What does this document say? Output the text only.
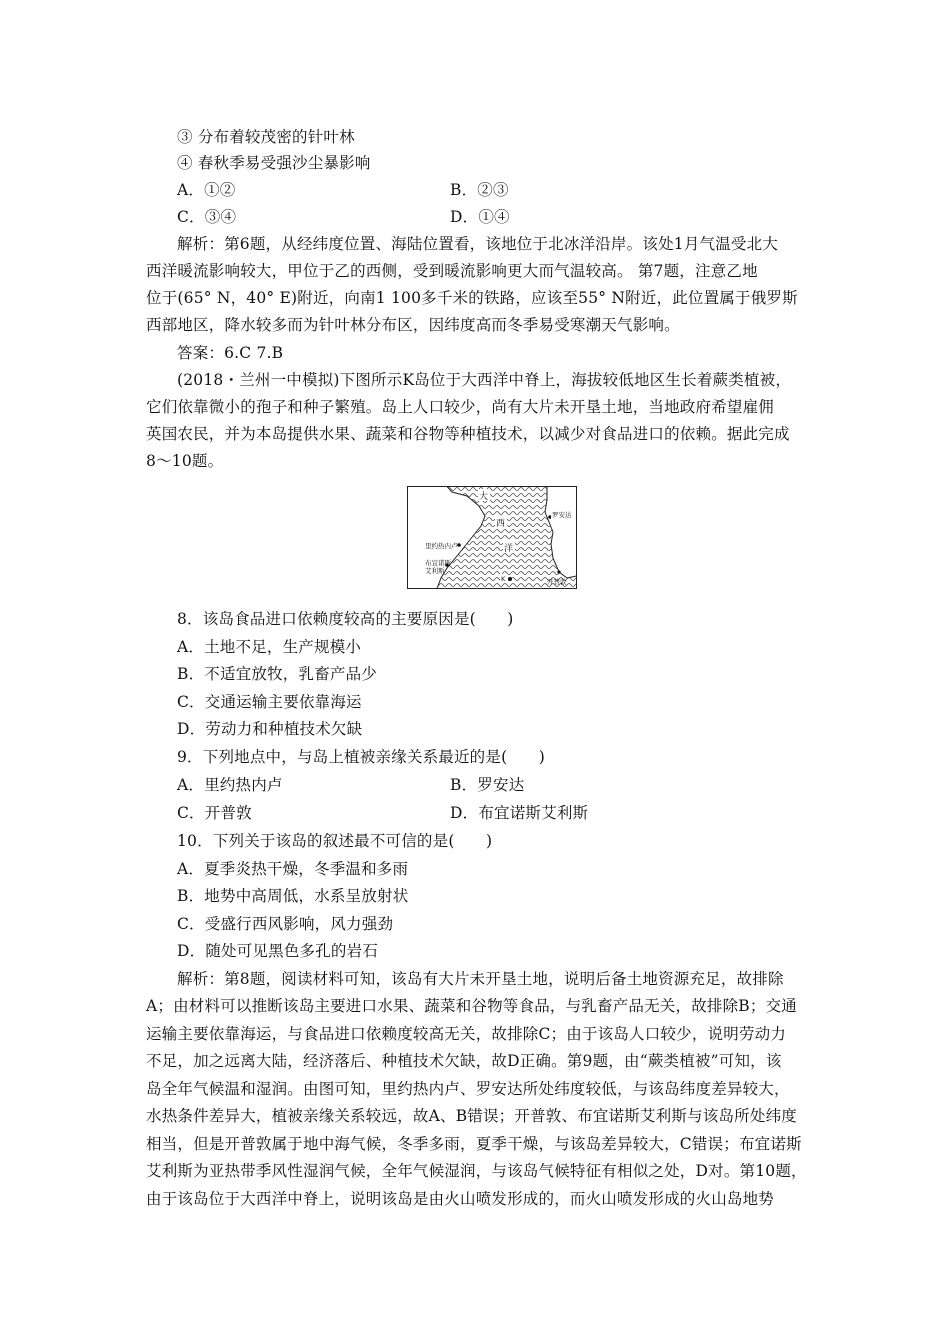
③ 分布着较茂密的针叶林
④ 春秋季易受强沙尘暴影响
A．①②	B．②③
C．③④	D．①④
解析：第6题，从经纬度位置、海陆位置看，该地位于北冰洋沿岸。该处1月气温受北大
西洋暖流影响较大，甲位于乙的西侧，受到暖流影响更大而气温较高。 第7题，注意乙地
位于(65° N，40° E)附近，向南1 100多千米的铁路，应该至55° N附近，此位置属于俄罗斯
西部地区，降水较多而为针叶林分布区，因纬度高而冬季易受寒潮天气影响。
答案：6.C 7.B
(2018・兰州一中模拟)下图所示K岛位于大西洋中脊上，海拔较低地区生长着蕨类植被，
它们依靠微小的孢子和种子繁殖。岛上人口较少，尚有大片未开垦土地，当地政府希望雇佣
英国农民，并为本岛提供水果、蔬菜和谷物等种植技术，以减少对食品进口的依赖。据此完成
8～10题。
大
西
洋
罗安达
里约热内卢
布宜诺斯
艾利斯
K	开普敦
8．该岛食品进口依赖度较高的主要原因是(　　)
A．土地不足，生产规模小
B．不适宜放牧，乳畜产品少
C．交通运输主要依靠海运
D．劳动力和种植技术欠缺
9．下列地点中，与岛上植被亲缘关系最近的是(　　)
A．里约热内卢	B．罗安达
C．开普敦	D．布宜诺斯艾利斯
10．下列关于该岛的叙述最不可信的是(　　)
A．夏季炎热干燥，冬季温和多雨
B．地势中高周低，水系呈放射状
C．受盛行西风影响，风力强劲
D．随处可见黑色多孔的岩石
解析：第8题，阅读材料可知，该岛有大片未开垦土地，说明后备土地资源充足，故排除
A；由材料可以推断该岛主要进口水果、蔬菜和谷物等食品，与乳畜产品无关，故排除B；交通
运输主要依靠海运，与食品进口依赖度较高无关，故排除C；由于该岛人口较少，说明劳动力
不足，加之远离大陆，经济落后、种植技术欠缺，故D正确。第9题，由“蕨类植被”可知，该
岛全年气候温和湿润。由图可知，里约热内卢、罗安达所处纬度较低，与该岛纬度差异较大，
水热条件差异大，植被亲缘关系较远，故A、B错误；开普敦、布宜诺斯艾利斯与该岛所处纬度
相当，但是开普敦属于地中海气候，冬季多雨，夏季干燥，与该岛差异较大，C错误；布宜诺斯
艾利斯为亚热带季风性湿润气候，全年气候湿润，与该岛气候特征有相似之处，D对。第10题，
由于该岛位于大西洋中脊上，说明该岛是由火山喷发形成的，而火山喷发形成的火山岛地势
